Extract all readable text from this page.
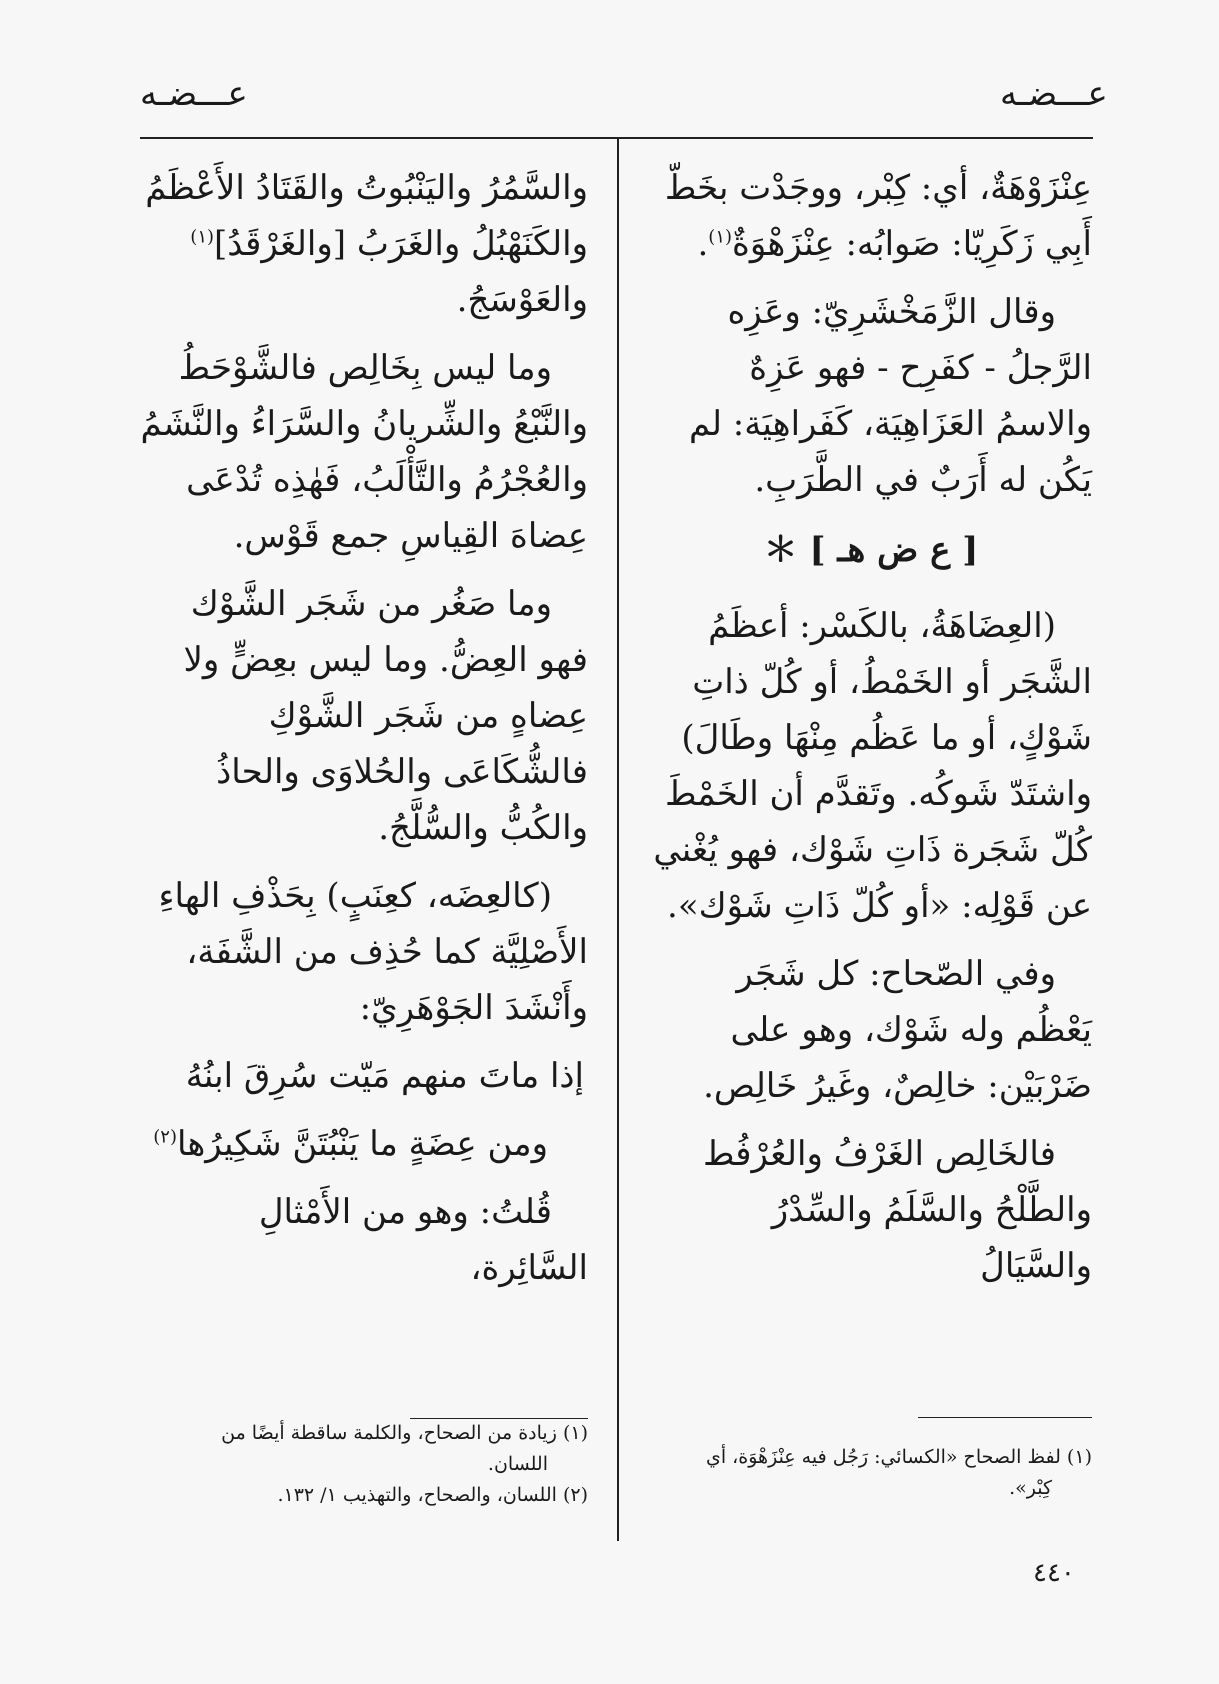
عـــضـه
عـــضـه

عِنْزَوْهَةٌ، أي: كِبْر، ووجَدْت بخَطّ أَبِي زَكَرِيّا: صَوابُه: عِنْزَهْوَةٌ$^{(١)}$.

وقال الزَّمَخْشَرِيّ: وعَزِه الرَّجلُ - كفَرِح - فهو عَزِهٌ والاسمُ العَزَاهِيَة، كَفَراهِيَة: لم يَكُن له أَرَبٌ في الطَّرَبِ.

[ ع ض هـ ] ＊

(العِضَاهَةُ، بالكَسْر: أعظَمُ الشَّجَر أو الخَمْطُ، أو كُلّ ذاتِ شَوْكٍ، أو ما عَظُم مِنْهَا وطَالَ) واشتَدّ شَوكُه. وتَقدَّم أن الخَمْطَ كُلّ شَجَرة ذَاتِ شَوْك، فهو يُغْني عن قَوْلِه: «أو كُلّ ذَاتِ شَوْك».

وفي الصّحاح: كل شَجَر يَعْظُم وله شَوْك، وهو على ضَرْبَيْن: خالِصٌ، وغَيرُ خَالِص.

فالخَالِص الغَرْفُ والعُرْفُط والطَّلْحُ والسَّلَمُ والسِّدْرُ والسَّيَالُ

والسَّمُرُ واليَنْبُوتُ والقَتَادُ الأَعْظَمُ والكَنَهْبُلُ والغَرَبُ [والغَرْقَدُ]$^{(١)}$ والعَوْسَجُ.

وما ليس بِخَالِص فالشَّوْحَطُ والنَّبْعُ والشِّريانُ والسَّرَاءُ والنَّشَمُ والعُجْرُمُ والتَّأْلَبُ، فَهٰذِه تُدْعَى عِضاهَ القِياسِ جمع قَوْس.

وما صَغُر من شَجَر الشَّوْك فهو العِضُّ. وما ليس بعِضٍّ ولا عِضاهٍ من شَجَر الشَّوْكِ فالشُّكَاعَى والحُلاوَى والحاذُ والكُبُّ والسُّلَّجُ.

(كالعِضَه، كعِنَبٍ) بِحَذْفِ الهاءِ الأَصْلِيَّة كما حُذِف من الشَّفَة، وأَنْشَدَ الجَوْهَرِيّ:

إذا ماتَ منهم مَيّت سُرِقَ ابنُهُ

ومن عِضَةٍ ما يَنْبُتَنَّ شَكِيرُها$^{(٢)}$

قُلتُ: وهو من الأَمْثالِ السَّائِرة،

(١) لفظ الصحاح «الكسائي: رَجُل فيه عِنْزَهْوَة، أي

كِبْر».

(١) زيادة من الصحاح، والكلمة ساقطة أيضًا من

اللسان.

(٢) اللسان، والصحاح، والتهذيب ١/ ١٣٢.

٤٤٠
